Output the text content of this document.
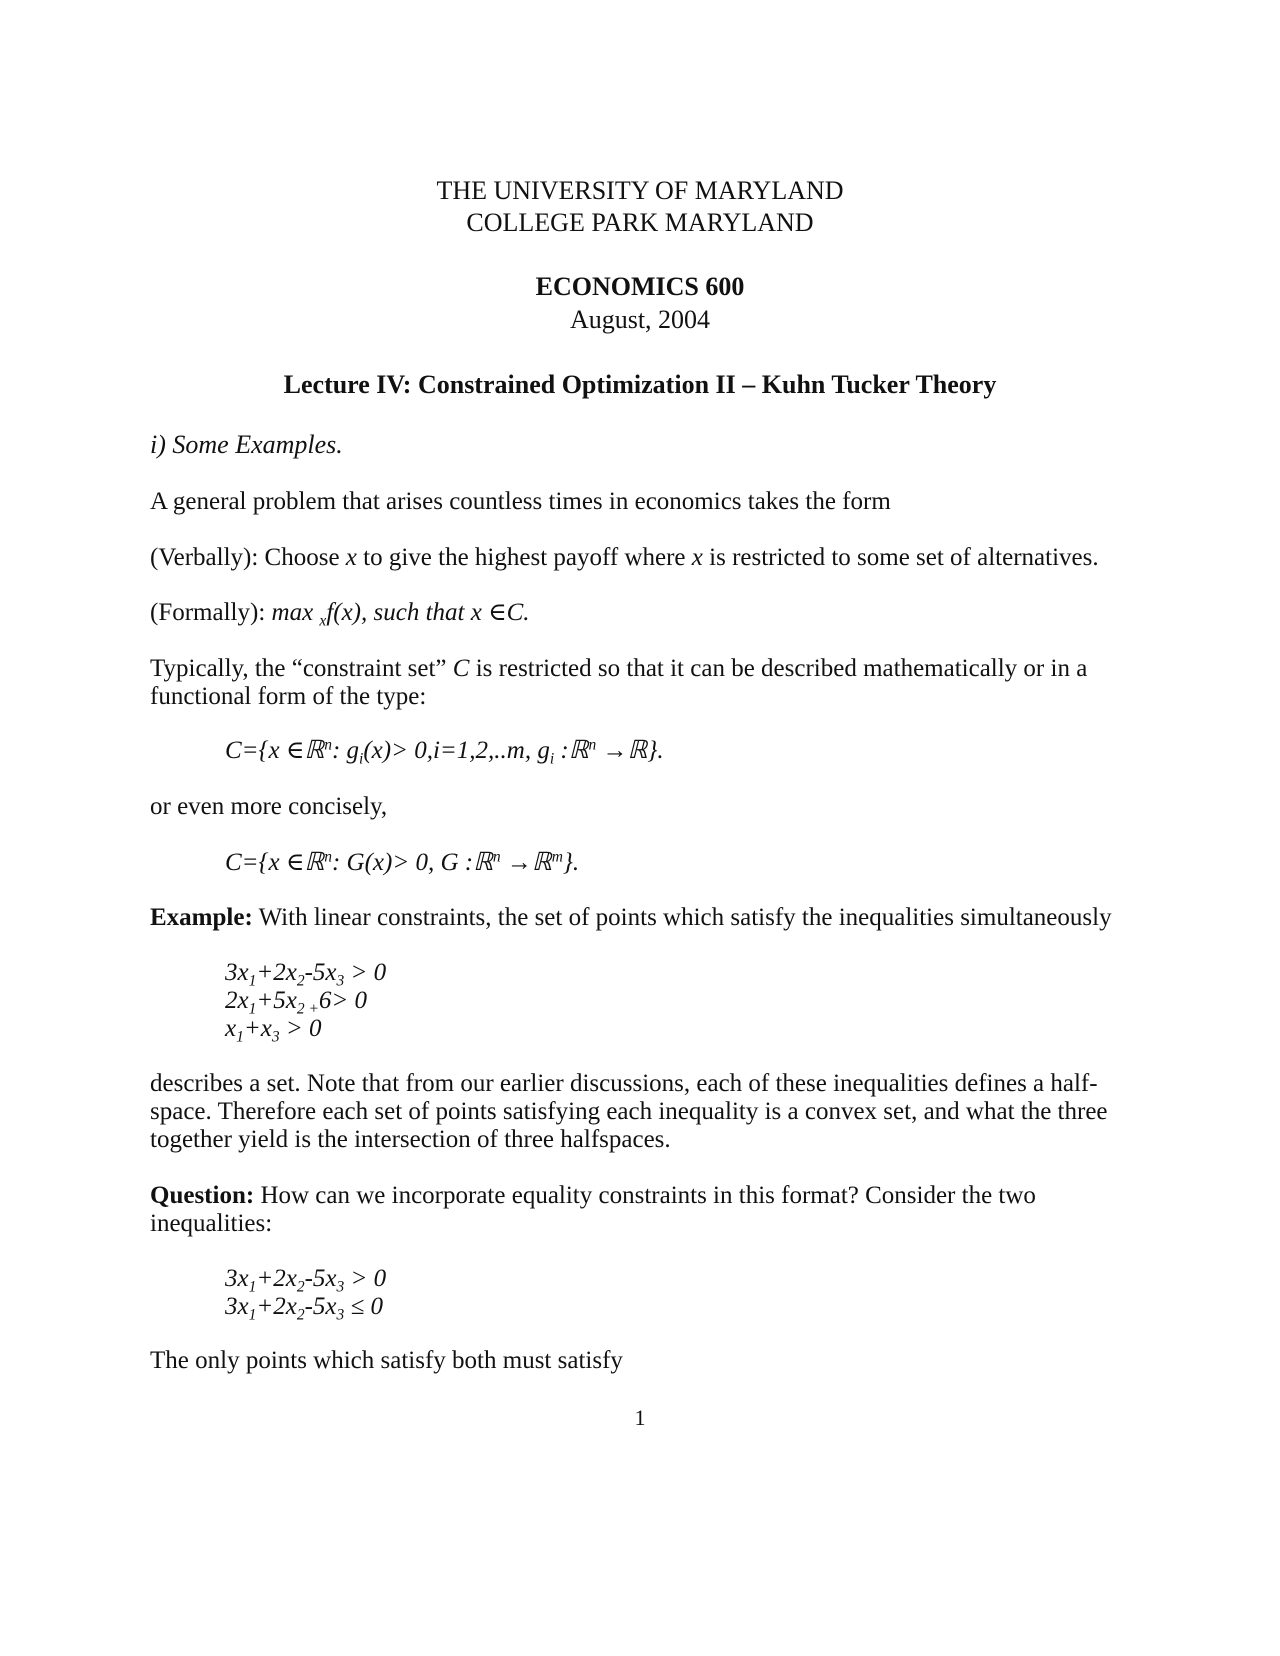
THE UNIVERSITY OF MARYLAND
COLLEGE PARK MARYLAND
ECONOMICS 600
August, 2004
Lecture IV: Constrained Optimization II – Kuhn Tucker Theory
i) Some Examples.
A general problem that arises countless times in economics takes the form
(Verbally): Choose x to give the highest payoff where x is restricted to some set of alternatives.
(Formally): max $_x$f(x), such that x ∈C.
Typically, the “constraint set” C is restricted so that it can be described mathematically or in a
functional form of the type:
C={x ∈ℝ$^n$: $g_i(x)> 0,i=1,2,..m$, $g_i$ :ℝ$^n$ →ℝ}.
or even more concisely,
C={x ∈ℝ$^n$: G(x)> 0, G :ℝ$^n$ →ℝ$^m$}.
Example: With linear constraints, the set of points which satisfy the inequalities simultaneously
$3x_1+2x_2-5x_3 > 0$
$2x_1+5x_{2 +}6> 0$
$x_1+x_3 > 0$
describes a set. Note that from our earlier discussions, each of these inequalities defines a half-
space. Therefore each set of points satisfying each inequality is a convex set, and what the three
together yield is the intersection of three halfspaces.
Question: How can we incorporate equality constraints in this format? Consider the two
inequalities:
$3x_1+2x_2-5x_3 > 0$
$3x_1+2x_2-5x_3 \le 0$
The only points which satisfy both must satisfy
1
